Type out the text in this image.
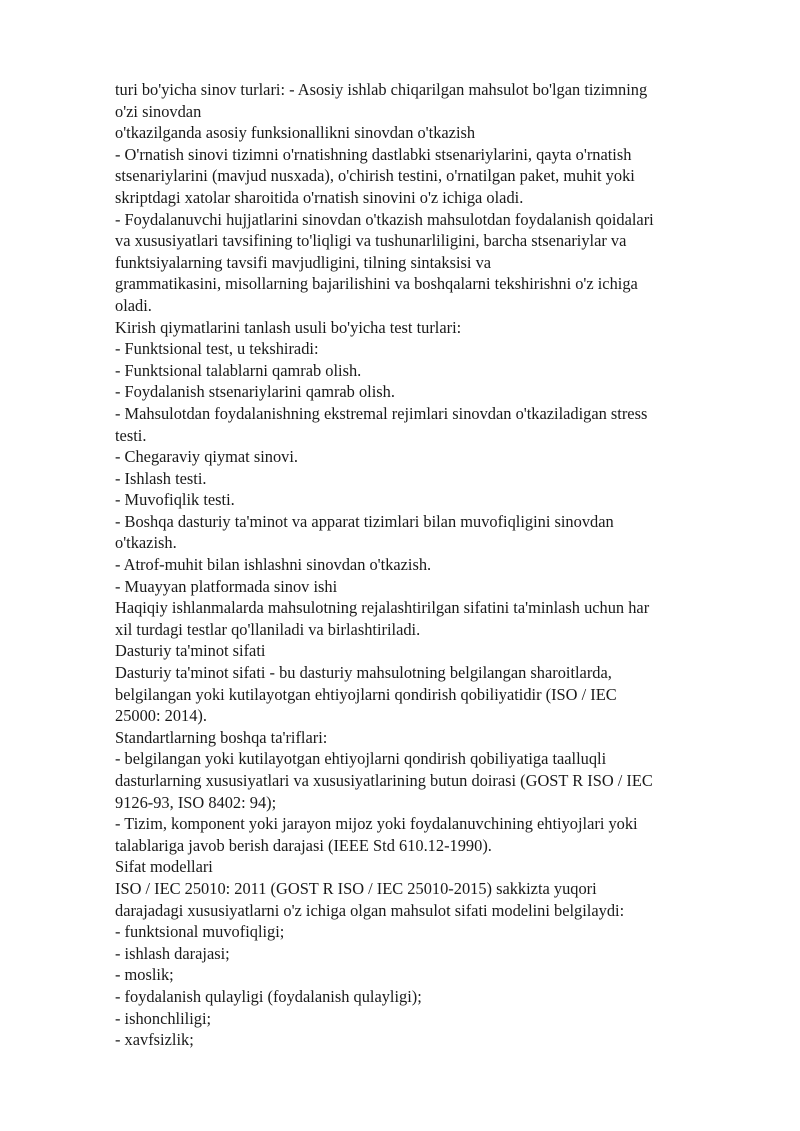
turi bo'yicha sinov turlari: - Asosiy ishlab chiqarilgan mahsulot bo'lgan tizimning
o'zi sinovdan
o'tkazilganda asosiy funksionallikni sinovdan o'tkazish
- O'rnatish sinovi tizimni o'rnatishning dastlabki stsenariylarini, qayta o'rnatish
stsenariylarini (mavjud nusxada), o'chirish testini, o'rnatilgan paket, muhit yoki
skriptdagi xatolar sharoitida o'rnatish sinovini o'z ichiga oladi.
- Foydalanuvchi hujjatlarini sinovdan o'tkazish mahsulotdan foydalanish qoidalari
va xususiyatlari tavsifining to'liqligi va tushunarliligini, barcha stsenariylar va
funktsiyalarning tavsifi mavjudligini, tilning sintaksisi va
grammatikasini, misollarning bajarilishini va boshqalarni tekshirishni o'z ichiga
oladi.
Kirish qiymatlarini tanlash usuli bo'yicha test turlari:
- Funktsional test, u tekshiradi:
- Funktsional talablarni qamrab olish.
- Foydalanish stsenariylarini qamrab olish.
- Mahsulotdan foydalanishning ekstremal rejimlari sinovdan o'tkaziladigan stress
testi.
- Chegaraviy qiymat sinovi.
- Ishlash testi.
- Muvofiqlik testi.
- Boshqa dasturiy ta'minot va apparat tizimlari bilan muvofiqligini sinovdan
o'tkazish.
- Atrof-muhit bilan ishlashni sinovdan o'tkazish.
- Muayyan platformada sinov ishi
Haqiqiy ishlanmalarda mahsulotning rejalashtirilgan sifatini ta'minlash uchun har
xil turdagi testlar qo'llaniladi va birlashtiriladi.
Dasturiy ta'minot sifati
Dasturiy ta'minot sifati - bu dasturiy mahsulotning belgilangan sharoitlarda,
belgilangan yoki kutilayotgan ehtiyojlarni qondirish qobiliyatidir (ISO / IEC
25000: 2014).
Standartlarning boshqa ta'riflari:
- belgilangan yoki kutilayotgan ehtiyojlarni qondirish qobiliyatiga taalluqli
dasturlarning xususiyatlari va xususiyatlarining butun doirasi (GOST R ISO / IEC
9126-93, ISO 8402: 94);
- Tizim, komponent yoki jarayon mijoz yoki foydalanuvchining ehtiyojlari yoki
talablariga javob berish darajasi (IEEE Std 610.12-1990).
Sifat modellari
ISO / IEC 25010: 2011 (GOST R ISO / IEC 25010-2015) sakkizta yuqori
darajadagi xususiyatlarni o'z ichiga olgan mahsulot sifati modelini belgilaydi:
- funktsional muvofiqligi;
- ishlash darajasi;
- moslik;
- foydalanish qulayligi (foydalanish qulayligi);
- ishonchliligi;
- xavfsizlik;
